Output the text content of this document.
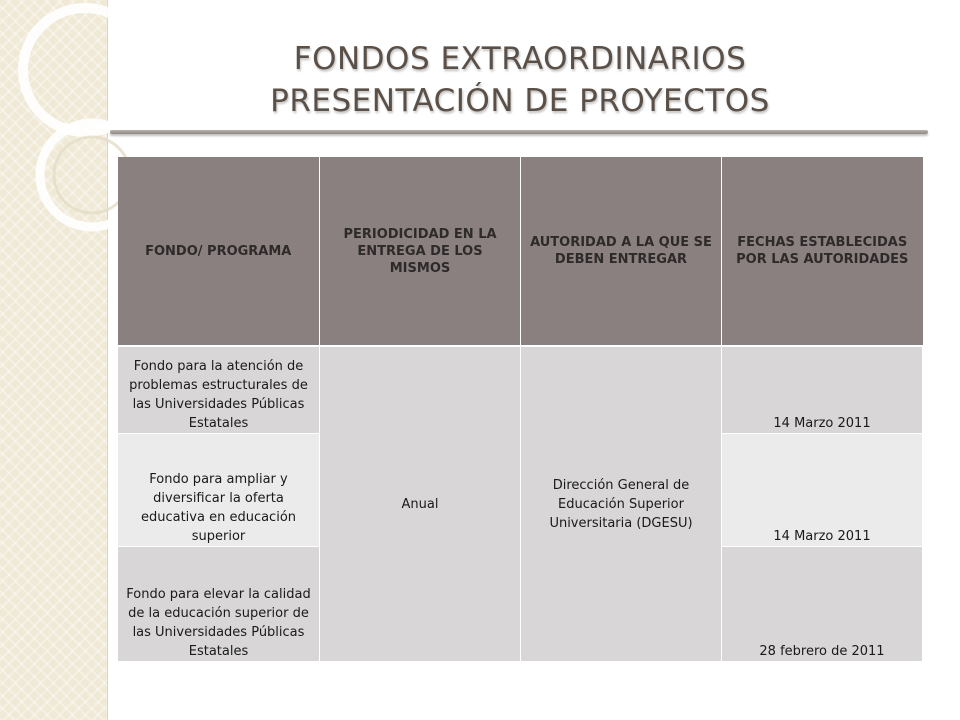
FONDOS EXTRAORDINARIOS
PRESENTACIÓN DE PROYECTOS
FONDO/ PROGRAMA	PERIODICIDAD EN LA ENTREGA DE LOS MISMOS	AUTORIDAD A LA QUE SE DEBEN ENTREGAR	FECHAS ESTABLECIDAS POR LAS AUTORIDADES
Fondo para la atención de problemas estructurales de las Universidades Públicas Estatales	Anual	Dirección General de Educación Superior Universitaria (DGESU)	14 Marzo 2011
Fondo para ampliar y diversificar la oferta educativa en educación superior			14 Marzo 2011
Fondo para elevar la calidad de la educación superior de las Universidades Públicas Estatales			28 febrero de 2011
